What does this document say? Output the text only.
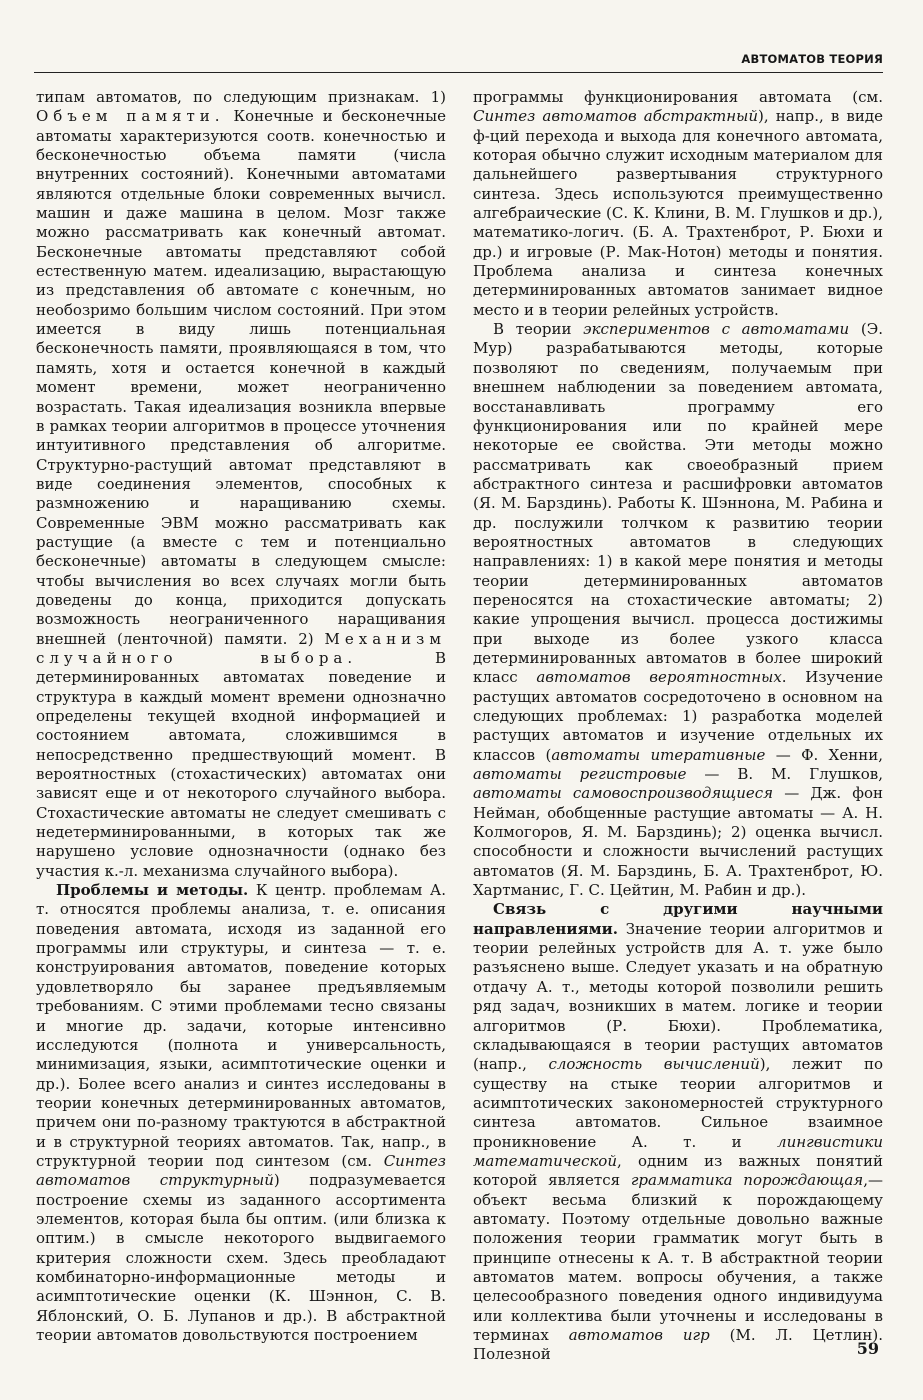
АВТОМАТОВ ТЕОРИЯ

типам автоматов, по следующим признакам. 1) Объем памяти. Конечные и бесконечные автоматы характеризуются соотв. конечностью и бесконечностью объема памяти (числа внутренних состояний). Конечными автоматами являются отдельные блоки современных вычисл. машин и даже машина в целом. Мозг также можно рассматривать как конечный автомат. Бесконечные автоматы представляют собой естественную матем. идеализацию, вырастающую из представления об автомате с конечным, но необозримо большим числом состояний. При этом имеется в виду лишь потенциальная бесконечность памяти, проявляющаяся в том, что память, хотя и остается конечной в каждый момент времени, может неограниченно возрастать. Такая идеализация возникла впервые в рамках теории алгоритмов в процессе уточнения интуитивного представления об алгоритме. Структурно-растущий автомат представляют в виде соединения элементов, способных к размножению и наращиванию схемы. Современные ЭВМ можно рассматривать как растущие (а вместе с тем и потенциально бесконечные) автоматы в следующем смысле: чтобы вычисления во всех случаях могли быть доведены до конца, приходится допускать возможность неограниченного наращивания внешней (ленточной) памяти. 2) Механизм случайного выбора. В детерминированных автоматах поведение и структура в каждый момент времени однозначно определены текущей входной информацией и состоянием автомата, сложившимся в непосредственно предшествующий момент. В вероятностных (стохастических) автоматах они зависят еще и от некоторого случайного выбора. Стохастические автоматы не следует смешивать с недетерминированными, в которых так же нарушено условие однозначности (однако без участия к.-л. механизма случайного выбора).

Проблемы и методы. К центр. проблемам А. т. относятся проблемы анализа, т. е. описания поведения автомата, исходя из заданной его программы или структуры, и синтеза — т. е. конструирования автоматов, поведение которых удовлетворяло бы заранее предъявляемым требованиям. С этими проблемами тесно связаны и многие др. задачи, которые интенсивно исследуются (полнота и универсальность, минимизация, языки, асимптотические оценки и др.). Более всего анализ и синтез исследованы в теории конечных детерминированных автоматов, причем они по-разному трактуются в абстрактной и в структурной теориях автоматов. Так, напр., в структурной теории под синтезом (см. Синтез автоматов структурный) подразумевается построение схемы из заданного ассортимента элементов, которая была бы оптим. (или близка к оптим.) в смысле некоторого выдвигаемого критерия сложности схем. Здесь преобладают комбинаторно-информационные методы и асимптотические оценки (К. Шэннон, С. В. Яблонский, О. Б. Лупанов и др.). В абстрактной теории автоматов довольствуются построением

программы функционирования автомата (см. Синтез автоматов абстрактный), напр., в виде ф-ций перехода и выхода для конечного автомата, которая обычно служит исходным материалом для дальнейшего развертывания структурного синтеза. Здесь используются преимущественно алгебраические (С. К. Клини, В. М. Глушков и др.), математико-логич. (Б. А. Трахтенброт, Р. Бюхи и др.) и игровые (Р. Мак-Нотон) методы и понятия. Проблема анализа и синтеза конечных детерминированных автоматов занимает видное место и в теории релейных устройств.

В теории экспериментов с автоматами (Э. Мур) разрабатываются методы, которые позволяют по сведениям, получаемым при внешнем наблюдении за поведением автомата, восстанавливать программу его функционирования или по крайней мере некоторые ее свойства. Эти методы можно рассматривать как своеобразный прием абстрактного синтеза и расшифровки автоматов (Я. М. Барздинь). Работы К. Шэннона, М. Рабина и др. послужили толчком к развитию теории вероятностных автоматов в следующих направлениях: 1) в какой мере понятия и методы теории детерминированных автоматов переносятся на стохастические автоматы; 2) какие упрощения вычисл. процесса достижимы при выходе из более узкого класса детерминированных автоматов в более широкий класс автоматов вероятностных. Изучение растущих автоматов сосредоточено в основном на следующих проблемах: 1) разработка моделей растущих автоматов и изучение отдельных их классов (автоматы итеративные — Ф. Хенни, автоматы регистровые — В. М. Глушков, автоматы самовоспроизводящиеся — Дж. фон Нейман, обобщенные растущие автоматы — А. Н. Колмогоров, Я. М. Барздинь); 2) оценка вычисл. способности и сложности вычислений растущих автоматов (Я. М. Барздинь, Б. А. Трахтенброт, Ю. Хартманис, Г. С. Цейтин, М. Рабин и др.).

Связь с другими научными направлениями. Значение теории алгоритмов и теории релейных устройств для А. т. уже было разъяснено выше. Следует указать и на обратную отдачу А. т., методы которой позволили решить ряд задач, возникших в матем. логике и теории алгоритмов (Р. Бюхи). Проблематика, складывающаяся в теории растущих автоматов (напр., сложность вычислений), лежит по существу на стыке теории алгоритмов и асимптотических закономерностей структурного синтеза автоматов. Сильное взаимное проникновение А. т. и лингвистики математической, одним из важных понятий которой является грамматика порождающая,— объект весьма близкий к порождающему автомату. Поэтому отдельные довольно важные положения теории грамматик могут быть в принципе отнесены к А. т. В абстрактной теории автоматов матем. вопросы обучения, а также целесообразного поведения одного индивидуума или коллектива были уточнены и исследованы в терминах автоматов игр (М. Л. Цетлин). Полезной	59
